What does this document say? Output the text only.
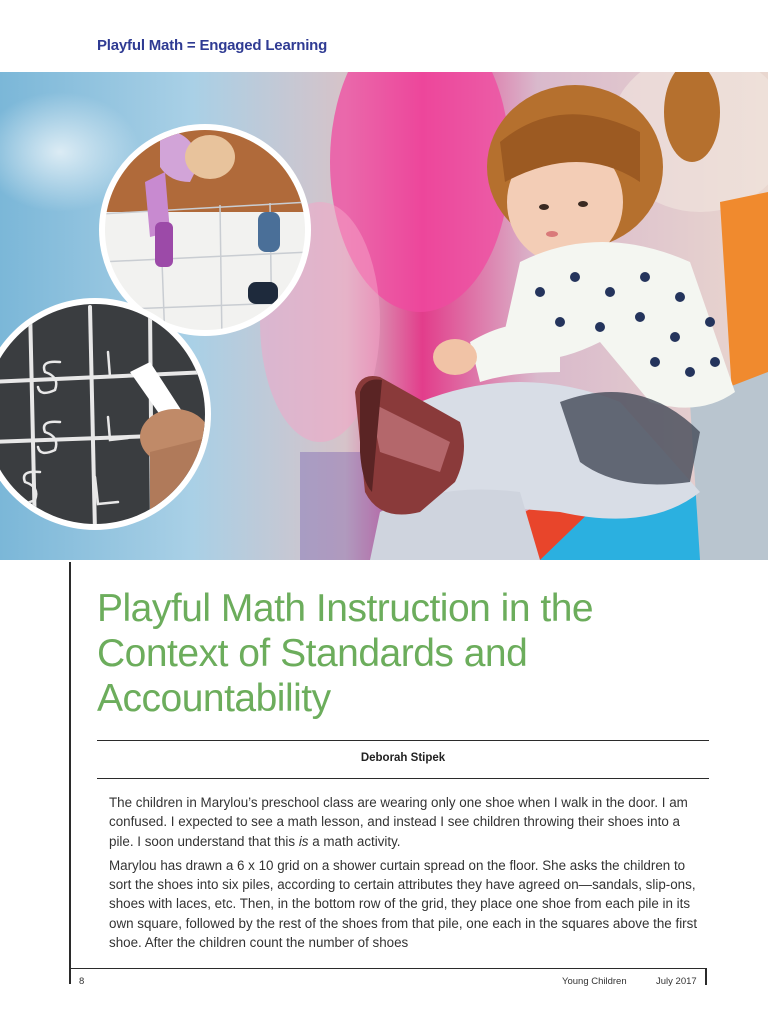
Playful Math = Engaged Learning
Playful Math Instruction in the Context of Standards and Accountability
Deborah Stipek

The children in Marylou’s preschool class are wearing only one shoe when I walk in the door. I am confused. I expected to see a math lesson, and instead I see children throwing their shoes into a pile. I soon understand that this is a math activity.

Marylou has drawn a 6 x 10 grid on a shower curtain spread on the floor. She asks the children to sort the shoes into six piles, according to certain attributes they have agreed on—sandals, slip-ons, shoes with laces, etc. Then, in the bottom row of the grid, they place one shoe from each pile in its own square, followed by the rest of the shoes from that pile, one each in the squares above the first shoe. After the children count the number of shoes

8	Young Children	July 2017
